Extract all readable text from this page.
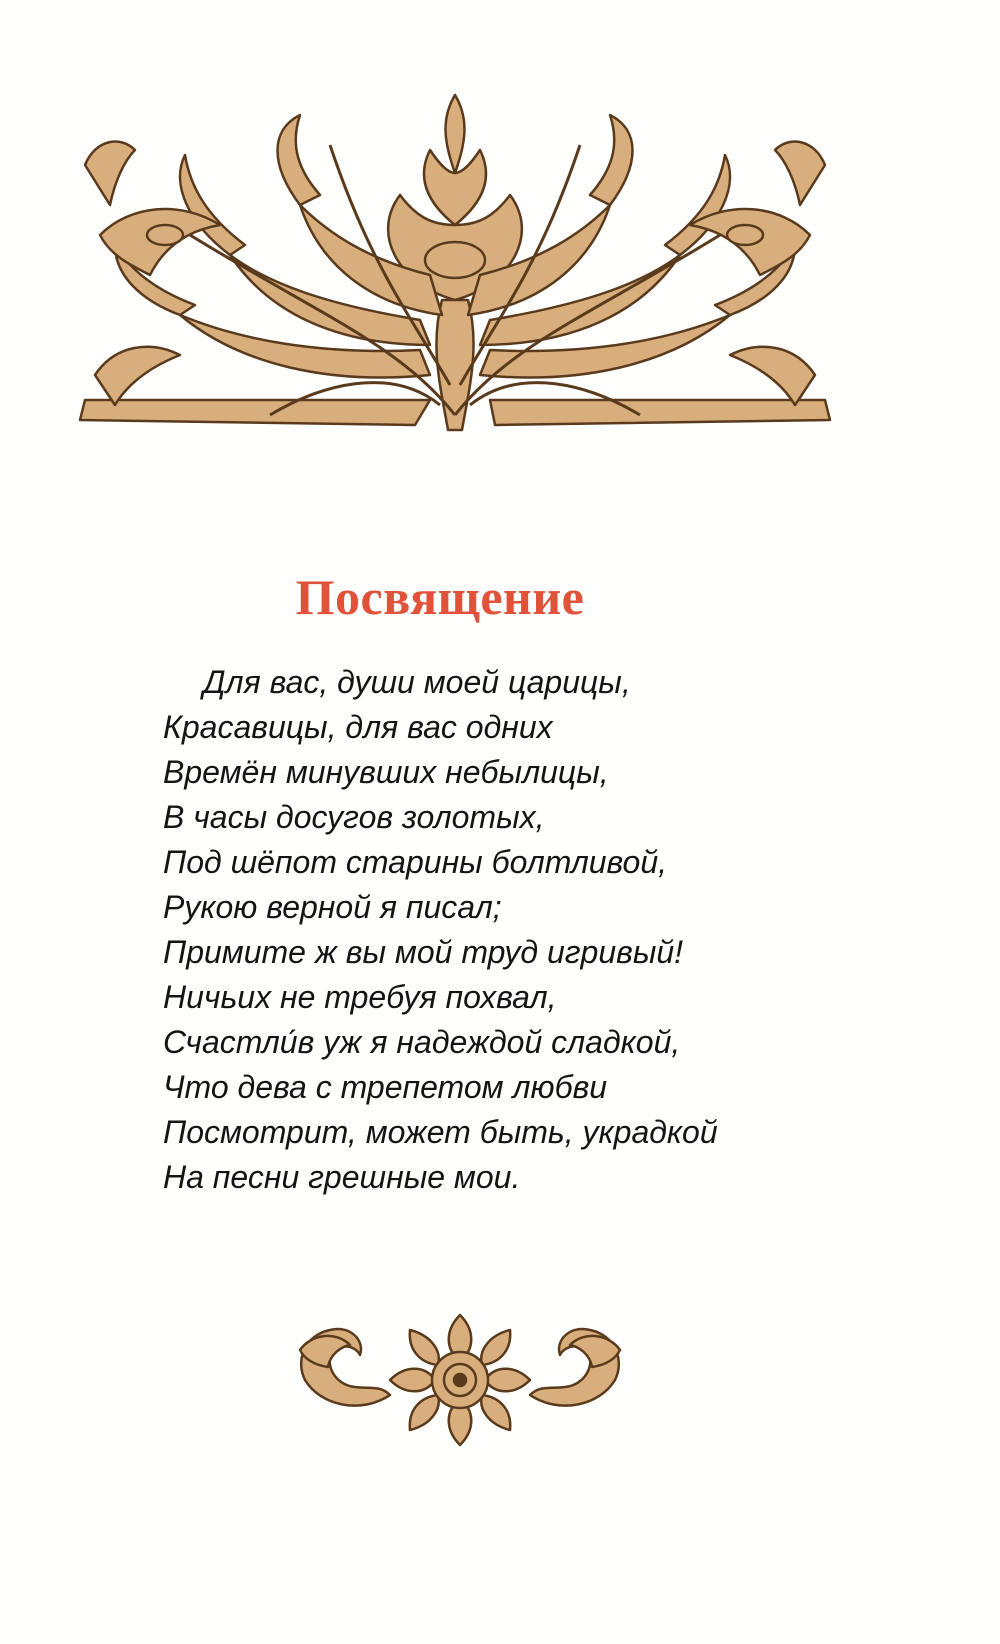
Посвящение
Для вас, души моей царицы,
Красавицы, для вас одних
Времён минувших небылицы,
В часы досугов золотых,
Под шёпот старины болтливой,
Рукою верной я писал;
Примите ж вы мой труд игривый!
Ничьих не требуя похвал,
Счастли́в уж я надеждой сладкой,
Что дева с трепетом любви
Посмотрит, может быть, украдкой
На песни грешные мои.
